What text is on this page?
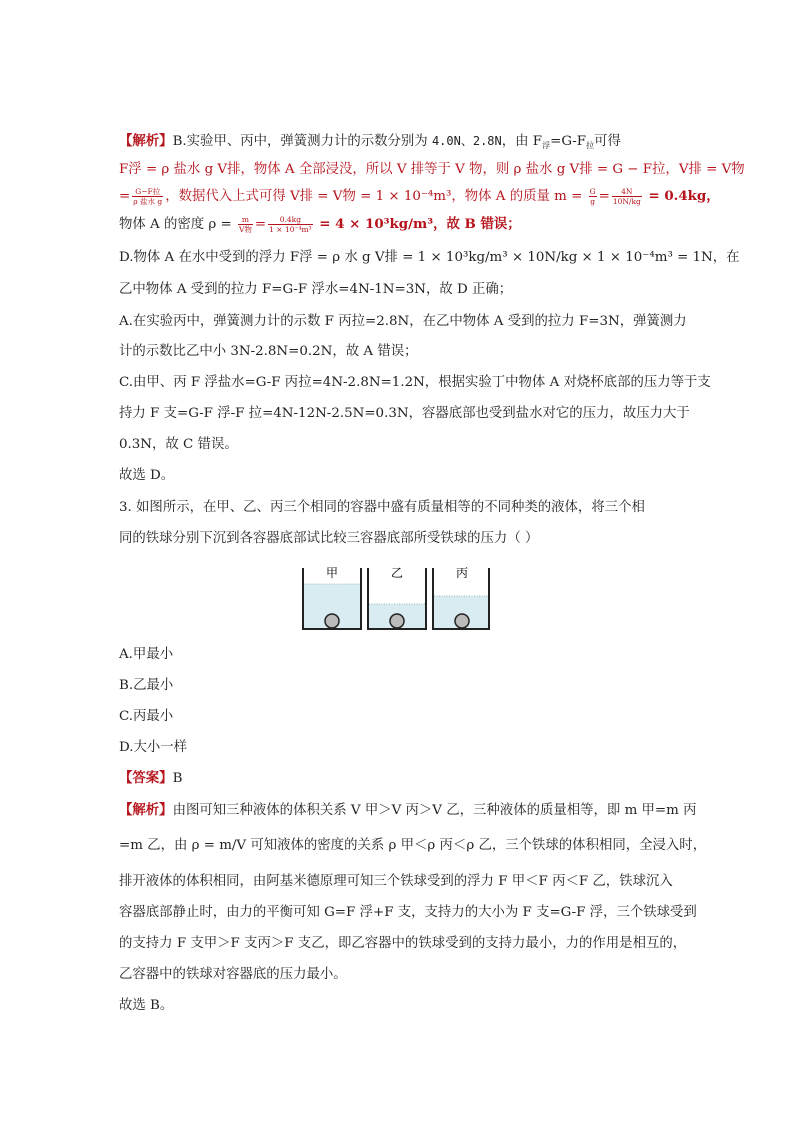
【解析】B.实验甲、丙中，弹簧测力计的示数分别为 4.0N、2.8N，由 $F_浮=G-F_拉$可得
F浮 = ρ 盐水 g V排，物体 A 全部浸没，所以 V 排等于 V 物，则 ρ 盐水 g V排 = G − F拉，V排 = V物
= $\frac{\text{G−F拉}}{\text{ρ 盐水 g}}$ ，数据代入上式可得 V排 = V物 = 1 × 10⁻⁴m³，物体 A 的质量 $m = \frac{G}{g} = \frac{4N}{10N/kg} = 0.4kg$，
物体 A 的密度 $\rho = \frac{m}{\text{V物}} = \frac{0.4kg}{\text{1 × 10⁻⁴m³}} = 4 \times 10^3kg/m^3$，故 B 错误；
D.物体 A 在水中受到的浮力 F浮 = ρ 水 g V排 = 1 × 10³kg/m³ × 10N/kg × 1 × 10⁻⁴m³ = 1N，在
乙中物体 A 受到的拉力 F=G-F 浮水=4N-1N=3N，故 D 正确；
A.在实验丙中，弹簧测力计的示数 F 丙拉=2.8N，在乙中物体 A 受到的拉力 F=3N，弹簧测力
计的示数比乙中小 3N-2.8N=0.2N，故 A 错误；
C.由甲、丙 F 浮盐水=G-F 丙拉=4N-2.8N=1.2N，根据实验丁中物体 A 对烧杯底部的压力等于支
持力 F 支=G-F 浮-F 拉=4N-12N-2.5N=0.3N，容器底部也受到盐水对它的压力，故压力大于
0.3N，故 C 错误。
故选 D。
3. 如图所示，在甲、乙、丙三个相同的容器中盛有质量相等的不同种类的液体，将三个相
同的铁球分别下沉到各容器底部试比较三容器底部所受铁球的压力（ ）
甲	乙	丙
A.甲最小
B.乙最小
C.丙最小
D.大小一样
【答案】B
【解析】由图可知三种液体的体积关系 V 甲＞V 丙＞V 乙，三种液体的质量相等，即 m 甲=m 丙
=m 乙，由 ρ = m/V 可知液体的密度的关系 ρ 甲＜ρ 丙＜ρ 乙，三个铁球的体积相同，全浸入时，
排开液体的体积相同，由阿基米德原理可知三个铁球受到的浮力 F 甲＜F 丙＜F 乙，铁球沉入
容器底部静止时，由力的平衡可知 G=F 浮+F 支，支持力的大小为 F 支=G-F 浮，三个铁球受到
的支持力 F 支甲＞F 支丙＞F 支乙，即乙容器中的铁球受到的支持力最小，力的作用是相互的，
乙容器中的铁球对容器底的压力最小。
故选 B。
